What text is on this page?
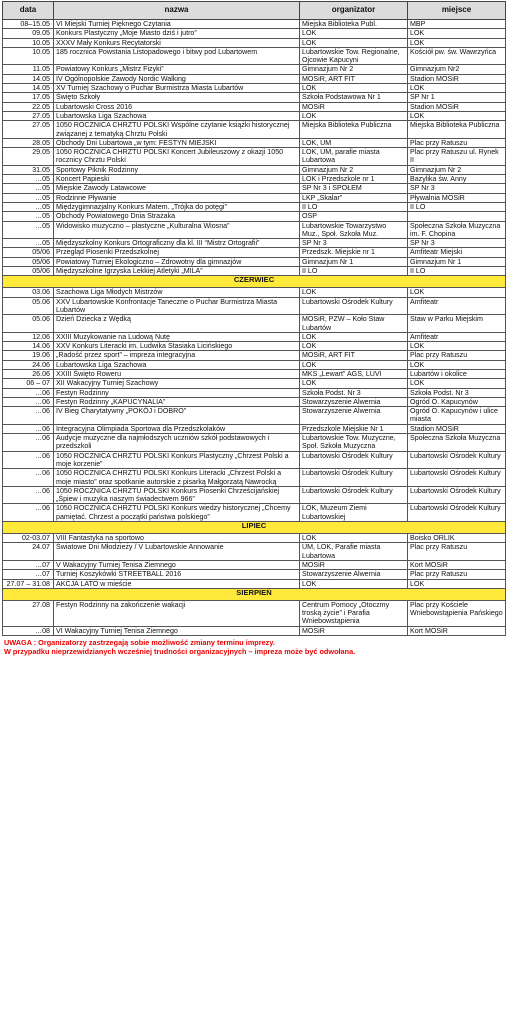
data	nazwa	organizator	miejsce
08–15.05	VI Miejski Turniej Pięknego Czytania	Miejska Biblioteka Publ.	MBP
09.05	Konkurs Plastyczny „Moje Miasto dziś i jutro”	LOK	LOK
10.05	XXXV Mały Konkurs Recytatorski	LOK	LOK
10.05	185 rocznica Powstania Listopadowego i bitwy pod Lubartowem	Lubartowskie Tow. Regionalne, Ojcowie Kapucyni	Kościół pw. św. Wawrzyńca
11.05	Powiatowy Konkurs „Mistrz Fizyki”	Gimnazjum Nr 2	Gimnazjum Nr2
14.05	IV Ogólnopolskie Zawody Nordic Walking	MOSiR, ART FIT	Stadion MOSiR
14.05	XV Turniej Szachowy o Puchar Burmistrza Miasta Lubartów	LOK	LOK
17.05	Święto Szkoły	Szkoła Podstawowa Nr 1	SP Nr 1
22.05	Lubartowski Cross 2016	MOSiR	Stadion MOSiR
27.05	Lubartowska Liga Szachowa	LOK	LOK
27.05	1050 ROCZNICA CHRZTU POLSKI Wspólne czytanie książki historycznej związanej z tematyką Chrztu Polski	Miejska Biblioteka Publiczna	Miejska Biblioteka Publiczna
28.05	Obchody Dni Lubartowa „w tym: FESTYN MIEJSKI	LOK, UM	Plac przy Ratuszu
29.05	1050 ROCZNICA CHRZTU POLSKI Koncert Jubileuszowy z okazji 1050 rocznicy Chrztu Polski	LOK, UM, parafie miasta Lubartowa	Plac przy Ratuszu ul. Rynek II
31.05	Sportowy Piknik Rodzinny	Gimnazjum Nr 2	Gimnazjum Nr 2
…05	Koncert Papieski	LOK i Przedszkole nr 1	Bazylika św. Anny
…05	Miejskie Zawody Latawcowe	SP Nr 3 i SPOŁEM	SP Nr 3
…05	Rodzinne Pływanie	LKP „Skalar”	Pływalnia MOSiR
…05	Międzygimnazjalny Konkurs Matem. „Trójka do potęgi”	II LO	II LO
…05	Obchody Powiatowego Dnia Strażaka	OSP	
…05	Widowisko muzyczno – plastyczne „Kulturalna Wiosna”	Lubartowskie Towarzystwo Muz., Społ. Szkoła Muz.	Społeczna Szkoła Muzyczna im. F. Chopina
…05	Międzyszkolny Konkurs Ortograficzny dla kl. III “Mistrz Ortografii”	SP Nr 3	SP Nr 3
05/06	Przegląd Piosenki Przedszkolnej	Przedszk. Miejskie nr 1	Amfiteatr Miejski
05/06	Powiatowy Turniej Ekologiczno – Zdrowotny dla gimnazjów	Gimnazjum Nr 1	Gimnazjum Nr 1
05/06	Międzyszkolne Igrzyska Lekkiej Atletyki „MILA”	II LO	II LO
CZERWIEC			
03.06	Szachowa Liga Młodych Mistrzów	LOK	LOK
05.06	XXV Lubartowskie Konfrontacje Taneczne o Puchar Burmistrza Miasta Lubartów	Lubartowski Ośrodek Kultury	Amfiteatr
05.06	Dzień Dziecka z Wędką	MOSiR, PZW – Koło Staw Lubartów	Staw w Parku Miejskim
12.06	XXIII Muzykowanie na Ludową Nutę	LOK	Amfiteatr
14.06	XXV Konkurs Literacki im. Ludwika Stasiaka Licińskiego	LOK	LOK
19.06	„Radość przez sport” – impreza integracyjna	MOSiR, ART FIT	Plac przy Ratuszu
24.06	Lubartowska Liga Szachowa	LOK	LOK
26.06	XXIII Święto Roweru	MKS „Lewart” AGS, LUVI	Lubartów i okolice
06 – 07	XII Wakacyjny Turniej Szachowy	LOK	LOK
…06	Festyn Rodzinny	Szkoła Podst. Nr 3	Szkoła Podst. Nr 3
…06	Festyn Rodzinny „KAPUCYNALIA”	Stowarzyszenie Alwernia	Ogród O. Kapucynów
…06	IV Bieg Charytatywny „POKÓJ i DOBRO”	Stowarzyszenie Alwernia	Ogród O. Kapucynów i ulice miasta
…06	Integracyjna Olimpiada Sportowa dla Przedszkolaków	Przedszkole Miejskie Nr 1	Stadion MOSiR
…06	Audycje muzyczne dla najmłodszych uczniów szkół podstawowych i przedszkoli	Lubartowskie Tow. Muzyczne, Społ. Szkoła Muzyczna	Społeczna Szkoła Muzyczna
…06	1050 ROCZNICA CHRZTU POLSKI Konkurs Plastyczny „Chrzest Polski a moje korzenie”	Lubartowski Ośrodek Kultury	Lubartowski Ośrodek Kultury
…06	1050 ROCZNICA CHRZTU POLSKI Konkurs Literacki „Chrzest Polski a moje miasto” oraz spotkanie autorskie z pisarką Małgorzatą Nawrocką	Lubartowski Ośrodek Kultury	Lubartowski Ośrodek Kultury
…06	1050 ROCZNICA CHRZTU POLSKI Konkurs Piosenki Chrześcijańskiej „Śpiew i muzyka naszym świadectwem 966”	Lubartowski Ośrodek Kultury	Lubartowski Ośrodek Kultury
…06	1050 ROCZNICA CHRZTU POLSKI Konkurs wiedzy historycznej „Chcemy pamiętać. Chrzest a początki państwa polskiego”	LOK, Muzeum Ziemi Lubartowskiej	Lubartowski Ośrodek Kultury
LIPIEC			
02-03.07	VIII Fantastyka na sportowo	LOK	Boisko ORLIK
24.07	Światowe Dni Młodzieży / V Lubartowskie Annowanie	UM, LOK, Parafie miasta Lubartowa	Plac przy Ratuszu
…07	V Wakacyjny Turniej Tenisa Ziemnego	MOSiR	Kort MOSiR
…07	Turniej Koszykówki STREETBALL 2016	Stowarzyszenie Alwernia	Plac przy Ratuszu
27.07 – 31.08	AKCJA LATO w mieście	LOK	LOK
SIERPIEŃ			
27.08	Festyn Rodzinny na zakończenie wakacji	Centrum Pomocy „Otoczmy troską życie” i Parafia Wniebowstąpienia	Plac przy Kościele Wniebowstąpienia Pańskiego
…08	VI Wakacyjny Turniej Tenisa Ziemnego	MOSiR	Kort MOSiR
UWAGA : Organizatorzy zastrzegają sobie możliwość zmiany terminu imprezy.
W przypadku nieprzewidzianych wcześniej trudności organizacyjnych – impreza może być odwołana.
